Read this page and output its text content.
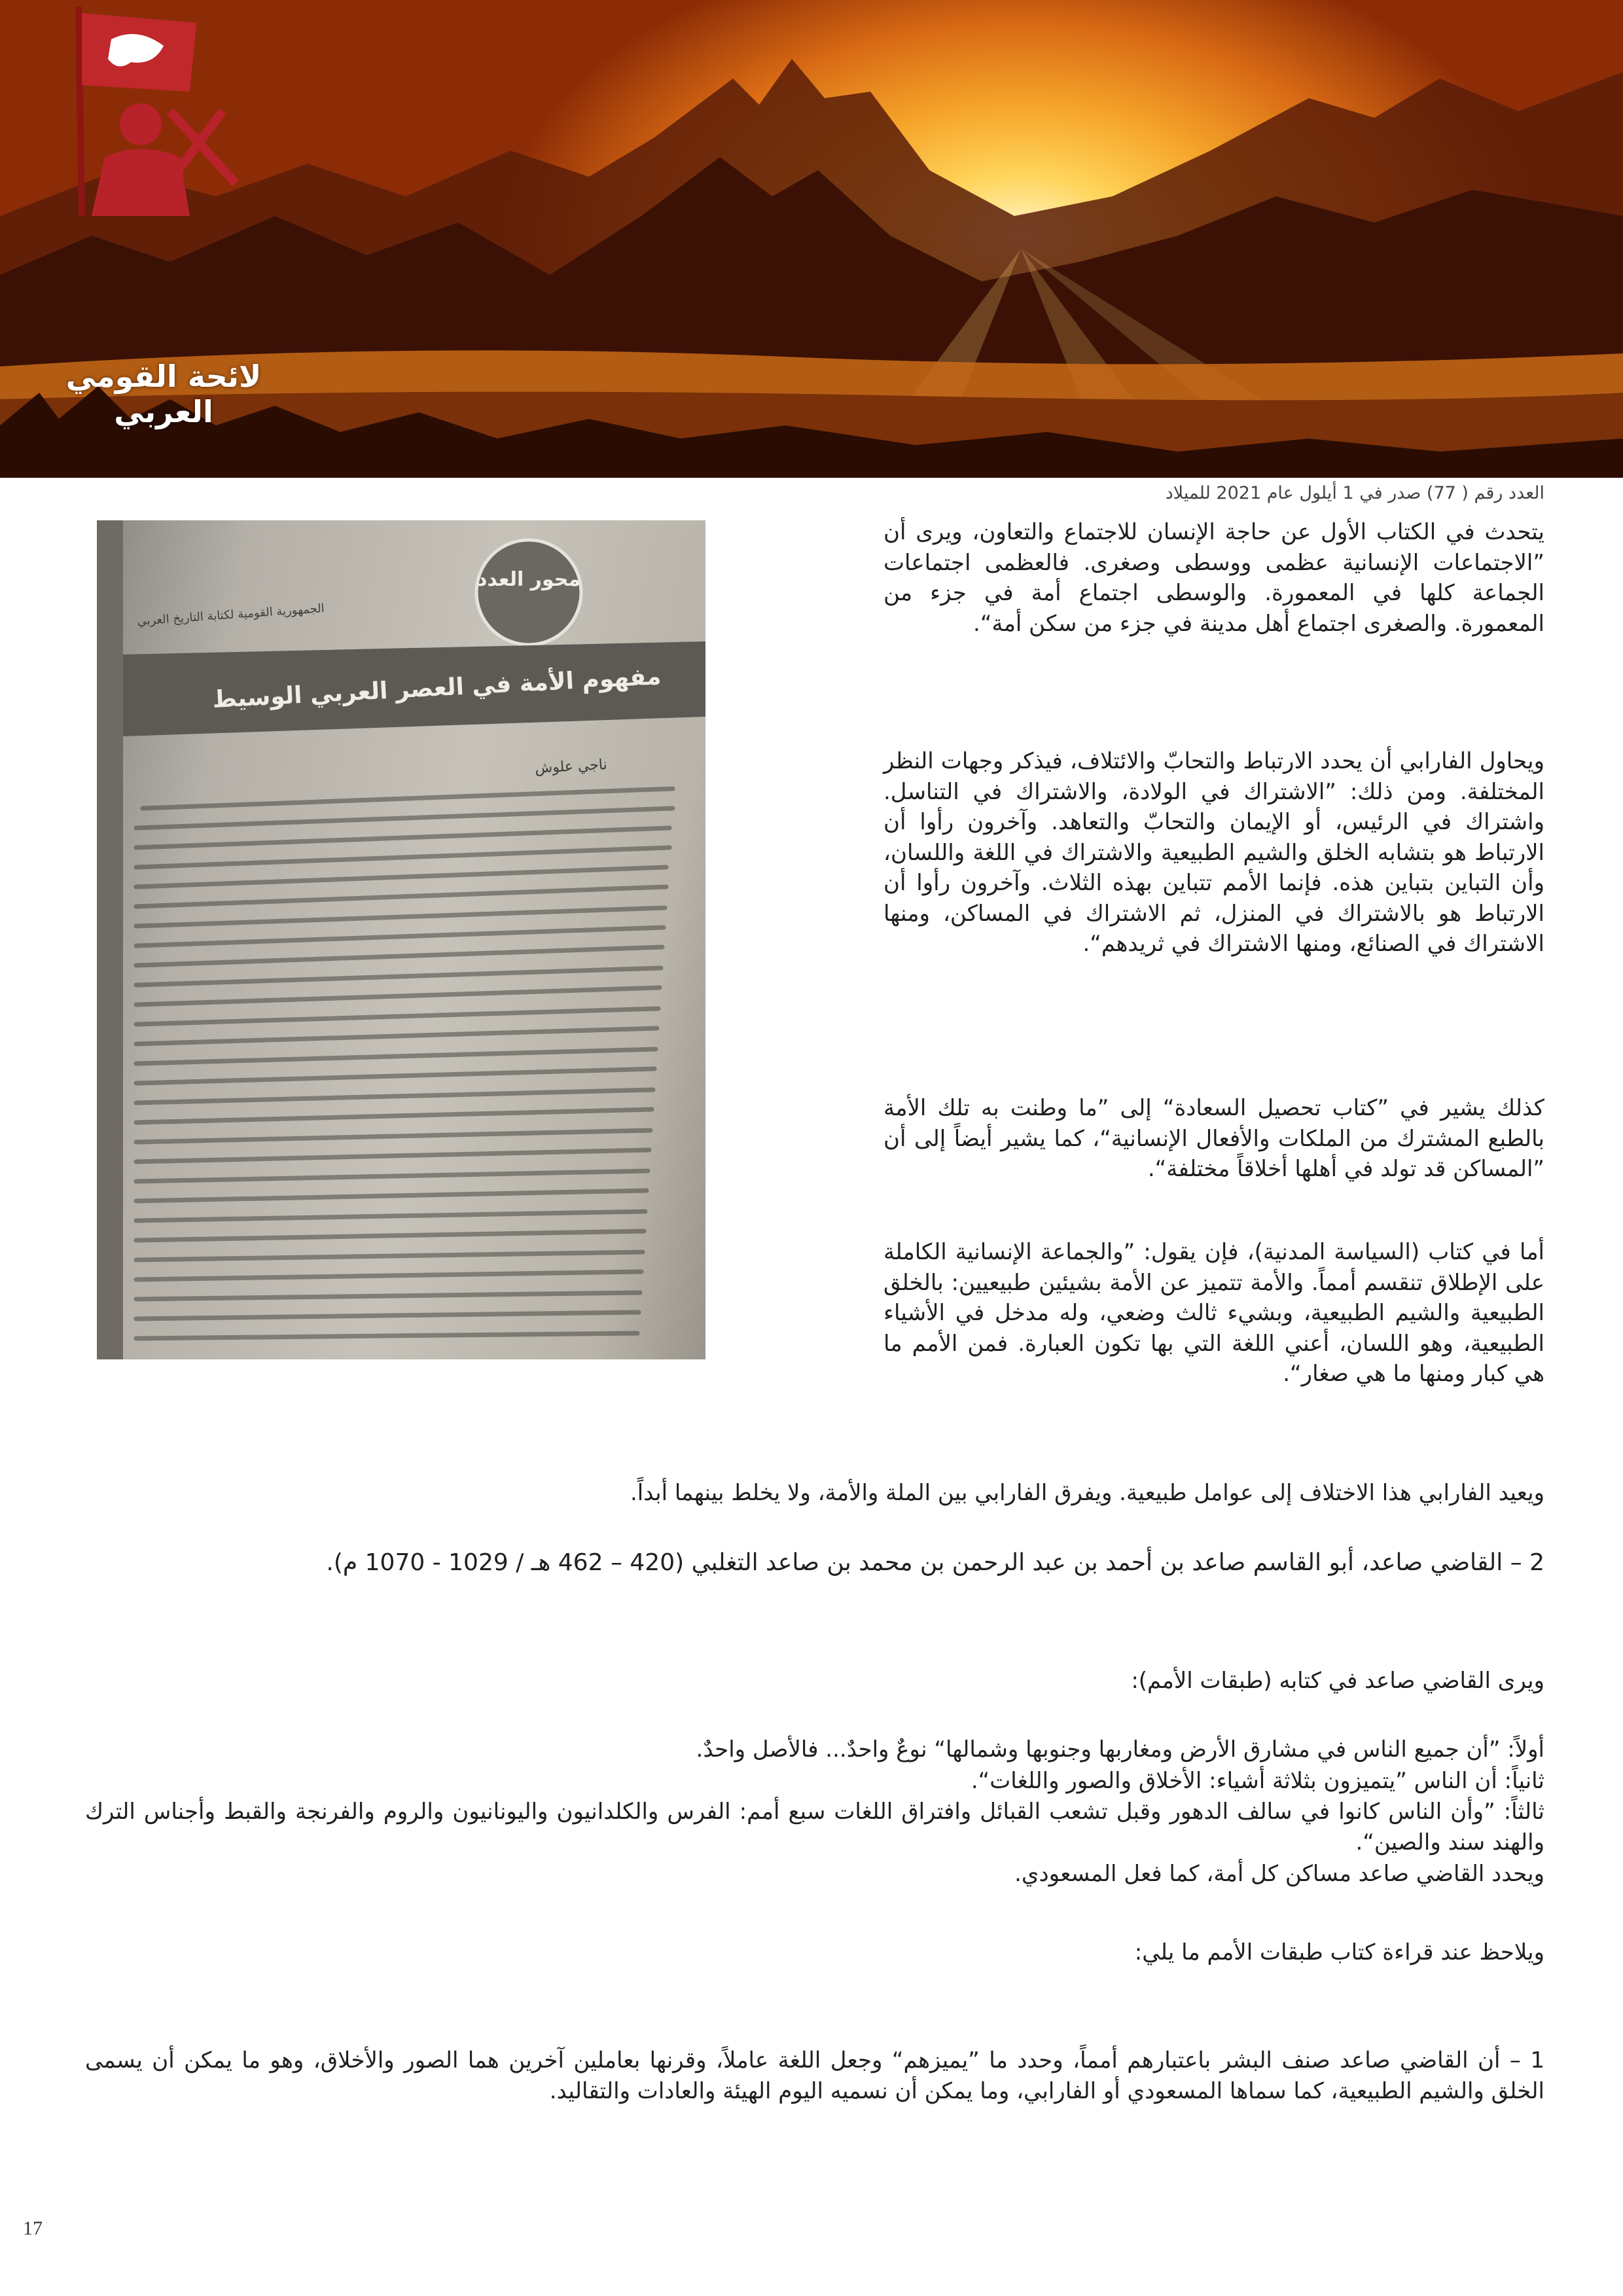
لائحة القومي العربي
العدد رقم ( 77) صدر في 1 أيلول عام 2021 للميلاد
محور العدد
الجمهورية القومية لكتابة التاريخ العربي
مفهوم الأمة في العصر العربي الوسيط
ناجي علوش

يتحدث في الكتاب الأول عن حاجة الإنسان للاجتماع والتعاون، ويرى أن ”الاجتماعات الإنسانية عظمى ووسطى وصغرى. فالعظمى اجتماعات الجماعة كلها في المعمورة. والوسطى اجتماع أمة في جزء من المعمورة. والصغرى اجتماع أهل مدينة في جزء من سكن أمة“.

ويحاول الفارابي أن يحدد الارتباط والتحابّ والائتلاف، فيذكر وجهات النظر المختلفة. ومن ذلك: ”الاشتراك في الولادة، والاشتراك في التناسل. واشتراك في الرئيس، أو الإيمان والتحابّ والتعاهد. وآخرون رأوا أن الارتباط هو بتشابه الخلق والشيم الطبيعية والاشتراك في اللغة واللسان، وأن التباين بتباين هذه. فإنما الأمم تتباين بهذه الثلاث. وآخرون رأوا أن الارتباط هو بالاشتراك في المنزل، ثم الاشتراك في المساكن، ومنها الاشتراك في الصنائع، ومنها الاشتراك في ثريدهم“.

كذلك يشير في ”كتاب تحصيل السعادة“ إلى ”ما وطنت به تلك الأمة بالطبع المشترك من الملكات والأفعال الإنسانية“، كما يشير أيضاً إلى أن ”المساكن قد تولد في أهلها أخلاقاً مختلفة“.

أما في كتاب (السياسة المدنية)، فإن يقول: ”والجماعة الإنسانية الكاملة على الإطلاق تنقسم أمماً. والأمة تتميز عن الأمة بشيئين طبيعيين: بالخلق الطبيعية والشيم الطبيعية، وبشيء ثالث وضعي، وله مدخل في الأشياء الطبيعية، وهو اللسان، أعني اللغة التي بها تكون العبارة. فمن الأمم ما هي كبار ومنها ما هي صغار“.

ويعيد الفارابي هذا الاختلاف إلى عوامل طبيعية. ويفرق الفارابي بين الملة والأمة، ولا يخلط بينهما أبداً.

2 – القاضي صاعد، أبو القاسم صاعد بن أحمد بن عبد الرحمن بن محمد بن صاعد التغلبي (420 – 462 هـ / 1029 - 1070 م).

ويرى القاضي صاعد في كتابه (طبقات الأمم):

أولاً: ”أن جميع الناس في مشارق الأرض ومغاربها وجنوبها وشمالها“ نوعٌ واحدٌ... فالأصل واحدٌ.

ثانياً: أن الناس ”يتميزون بثلاثة أشياء: الأخلاق والصور واللغات“.

ثالثاً: ”وأن الناس كانوا في سالف الدهور وقبل تشعب القبائل وافتراق اللغات سبع أمم: الفرس والكلدانيون واليونانيون والروم والفرنجة والقبط وأجناس الترك والهند سند والصين“.

ويحدد القاضي صاعد مساكن كل أمة، كما فعل المسعودي.

ويلاحظ عند قراءة كتاب طبقات الأمم ما يلي:

1 – أن القاضي صاعد صنف البشر باعتبارهم أمماً، وحدد ما ”يميزهم“ وجعل اللغة عاملاً، وقرنها بعاملين آخرين هما الصور والأخلاق، وهو ما يمكن أن يسمى الخلق والشيم الطبيعية، كما سماها المسعودي أو الفارابي، وما يمكن أن نسميه اليوم الهيئة والعادات والتقاليد.

17
